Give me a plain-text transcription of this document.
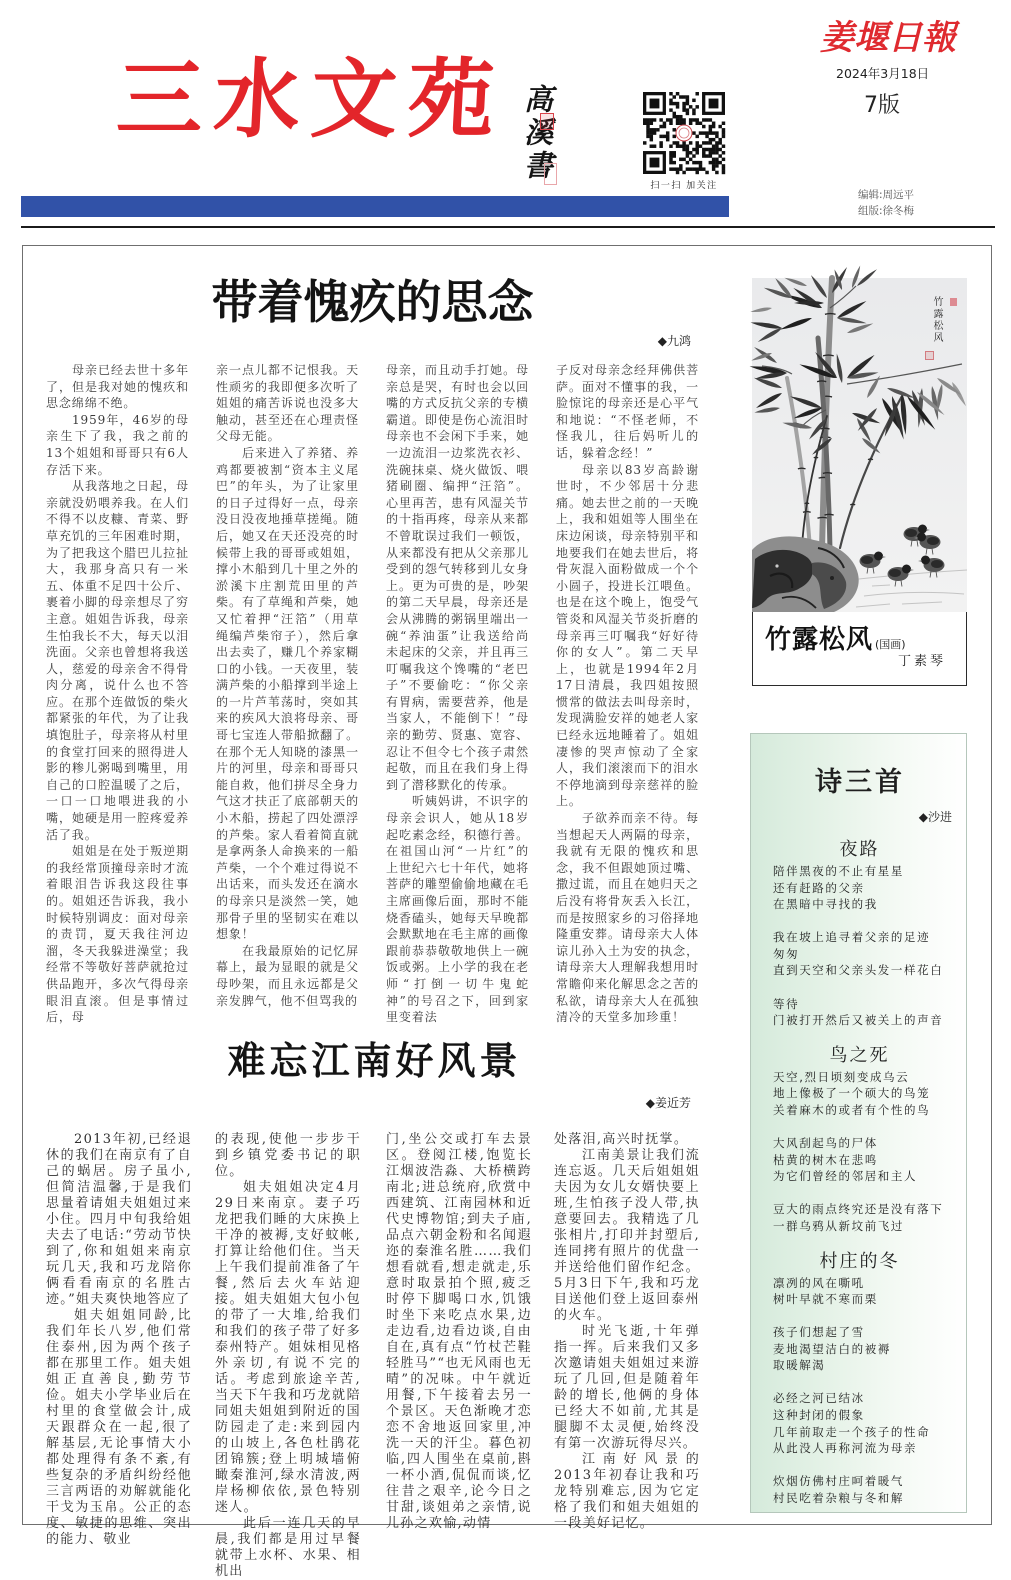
三水文苑 高溪書
扫一扫 加关注
姜堰日報
2024年3月18日
7版
编辑:周远平
组版:徐冬梅
带着愧疚的思念
◆九鸿

母亲已经去世十多年了，但是我对她的愧疚和思念绵绵不绝。

1959年，46岁的母亲生下了我，我之前的13个姐姐和哥哥只有6人存活下来。

从我落地之日起，母亲就没奶喂养我。在人们不得不以皮糠、青菜、野草充饥的三年困难时期，为了把我这个腊巴儿拉扯大，我那身高只有一米五、体重不足四十公斤、裹着小脚的母亲想尽了穷主意。姐姐告诉我，母亲生怕我长不大，每天以泪洗面。父亲也曾想将我送人，慈爱的母亲舍不得骨肉分离，说什么也不答应。在那个连做饭的柴火都紧张的年代，为了让我填饱肚子，母亲将从村里的食堂打回来的照得进人影的糁儿粥喝到嘴里，用自己的口腔温暖了之后，一口一口地喂进我的小嘴，她硬是用一腔疼爱养活了我。

姐姐是在处于叛逆期的我经常顶撞母亲时才流着眼泪告诉我这段往事的。姐姐还告诉我，我小时候特别调皮：面对母亲的责罚，夏天我往河边溜，冬天我躲进澡堂；我经常不等敬好菩萨就抢过供品跑开，多次气得母亲眼泪直滚。但是事情过后，母

亲一点儿都不记恨我。天性顽劣的我即便多次听了姐姐的痛苦诉说也没多大触动，甚至还在心理责怪父母无能。

后来进入了养猪、养鸡都要被割“资本主义尾巴”的年头，为了让家里的日子过得好一点，母亲没日没夜地捶草搓绳。随后，她又在天还没亮的时候带上我的哥哥或姐姐，撑小木船到几十里之外的淤溪卞庄割荒田里的芦柴。有了草绳和芦柴，她又忙着押“汪箔”（用草绳编芦柴帘子），然后拿出去卖了，赚几个养家糊口的小钱。一天夜里，装满芦柴的小船撑到半途上的一片芦苇荡时，突如其来的疾风大浪将母亲、哥哥七宝连人带船掀翻了。在那个无人知晓的漆黑一片的河里，母亲和哥哥只能自救，他们拼尽全身力气这才扶正了底部朝天的小木船，捞起了四处漂浮的芦柴。家人看着简直就是拿两条人命换来的一船芦柴，一个个难过得说不出话来，而头发还在滴水的母亲只是淡然一笑，她那骨子里的坚韧实在难以想象！

在我最原始的记忆屏幕上，最为显眼的就是父母吵架，而且永远都是父亲发脾气，他不但骂我的

母亲，而且动手打她。母亲总是哭，有时也会以回嘴的方式反抗父亲的专横霸道。即使是伤心流泪时母亲也不会闲下手来，她一边流泪一边浆洗衣衫、洗碗抹桌、烧火做饭、喂猪刷圈、编押“汪箔”。心里再苦，患有风湿关节的十指再疼，母亲从来都不曾耽误过我们一顿饭，从来都没有把从父亲那儿受到的怨气转移到儿女身上。更为可贵的是，吵架的第二天早晨，母亲还是会从沸腾的粥锅里端出一碗“养油蛋”让我送给尚未起床的父亲，并且再三叮嘱我这个馋嘴的“老巴子”不要偷吃：“你父亲有胃病，需要营养，他是当家人，不能倒下！”母亲的勤劳、贤惠、宽容、忍让不但令七个孩子肃然起敬，而且在我们身上得到了潜移默化的传承。

听姨妈讲，不识字的母亲会识人，她从18岁起吃素念经，积德行善。在祖国山河“一片红”的上世纪六七十年代，她将菩萨的雕塑偷偷地藏在毛主席画像后面，那时不能烧香磕头，她每天早晚都会默默地在毛主席的画像跟前恭恭敬敬地供上一碗饭或粥。上小学的我在老师“打倒一切牛鬼蛇神”的号召之下，回到家里变着法

子反对母亲念经拜佛供菩萨。面对不懂事的我，一脸惊诧的母亲还是心平气和地说：“不怪老师，不怪我儿，往后妈听儿的话，躲着念经！”

母亲以83岁高龄谢世时，不少邻居十分悲痛。她去世之前的一天晚上，我和姐姐等人围坐在床边闲谈，母亲特别平和地要我们在她去世后，将骨灰混入面粉做成一个个小圆子，投进长江喂鱼。也是在这个晚上，饱受气管炎和风湿关节炎折磨的母亲再三叮嘱我“好好待你的女人”。第二天早上，也就是1994年2月17日清晨，我四姐按照惯常的做法去叫母亲时，发现满脸安祥的她老人家已经永远地睡着了。姐姐凄惨的哭声惊动了全家人，我们滚滚而下的泪水不停地滴到母亲慈祥的脸上。

子欲养而亲不待。每当想起天人两隔的母亲，我就有无限的愧疚和思念，我不但跟她顶过嘴、撒过谎，而且在她归天之后没有将骨灰丢入长江，而是按照家乡的习俗择地隆重安葬。请母亲大人体谅儿孙入土为安的执念，请母亲大人理解我想用时常瞻仰来化解思念之苦的私欲，请母亲大人在孤独清冷的天堂多加珍重！

竹露松风
竹露松风 (国画)
丁素琴
诗三首
◆沙进
夜路
陪伴黑夜的不止有星星
还有赶路的父亲
在黑暗中寻找的我
我在坡上追寻着父亲的足迹
匆匆
直到天空和父亲头发一样花白
等待
门被打开然后又被关上的声音
鸟之死
天空,烈日顷刻变成乌云
地上像极了一个硕大的鸟笼
关着麻木的或者有个性的鸟
大风刮起鸟的尸体
枯黄的树木在悲鸣
为它们曾经的邻居和主人
豆大的雨点终究还是没有落下
一群乌鸦从新坟前飞过
村庄的冬
凛冽的风在嘶吼
树叶早就不寒而栗
孩子们想起了雪
麦地渴望洁白的被褥
取暖解渴
必经之河已结冰
这种封闭的假象
几年前取走一个孩子的性命
从此没人再称河流为母亲
炊烟仿佛村庄呵着暖气
村民吃着杂粮与冬和解
难忘江南好风景
◆姜近芳

2013年初,已经退休的我们在南京有了自己的蜗居。房子虽小,但简洁温馨,于是我们思量着请姐夫姐姐过来小住。四月中旬我给姐夫去了电话:“劳动节快到了,你和姐姐来南京玩几天,我和巧龙陪你俩看看南京的名胜古迹。”姐夫爽快地答应了

姐夫姐姐同龄,比我们年长八岁,他们常住泰州,因为两个孩子都在那里工作。姐夫姐姐正直善良,勤劳节俭。姐夫小学毕业后在村里的食堂做会计,成天跟群众在一起,很了解基层,无论事情大小都处理得有条不紊,有些复杂的矛盾纠纷经他三言两语的劝解就能化干戈为玉帛。公正的态度、敏捷的思维、突出的能力、敬业

的表现,使他一步步干到乡镇党委书记的职位。

姐夫姐姐决定4月29日来南京。妻子巧龙把我们睡的大床换上干净的被褥,支好蚊帐,打算让给他们住。当天上午我们提前准备了午餐,然后去火车站迎接。姐夫姐姐大包小包的带了一大堆,给我们和我们的孩子带了好多泰州特产。姐妹相见格外亲切,有说不完的话。考虑到旅途辛苦,当天下午我和巧龙就陪同姐夫姐姐到附近的国防园走了走:来到园内的山坡上,各色杜鹃花团锦簇;登上明城墙俯瞰秦淮河,绿水清波,两岸杨柳依依,景色特别迷人。

此后一连几天的早晨,我们都是用过早餐就带上水杯、水果、相机出

门,坐公交或打车去景区。登阅江楼,饱览长江烟波浩淼、大桥横跨南北;进总统府,欣赏中西建筑、江南园林和近代史博物馆;到夫子庙,品点六朝金粉和名闻遐迩的秦淮名胜……我们想看就看,想走就走,乐意时取景拍个照,疲乏时停下脚喝口水,饥饿时坐下来吃点水果,边走边看,边看边谈,自由自在,真有点“竹杖芒鞋轻胜马”“也无风雨也无晴”的况味。中午就近用餐,下午接着去另一个景区。天色渐晚才恋恋不舍地返回家里,冲洗一天的汗尘。暮色初临,四人围坐在桌前,斟一杯小酒,侃侃而谈,忆往昔之艰辛,论今日之甘甜,谈姐弟之亲情,说儿孙之欢愉,动情

处落泪,高兴时抚掌。

江南美景让我们流连忘返。几天后姐姐姐夫因为女儿女婿快要上班,生怕孩子没人带,执意要回去。我精选了几张相片,打印并封塑后,连同拷有照片的优盘一并送给他们留作纪念。5月3日下午,我和巧龙目送他们登上返回泰州的火车。

时光飞逝,十年弹指一挥。后来我们又多次邀请姐夫姐姐过来游玩了几回,但是随着年龄的增长,他俩的身体已经大不如前,尤其是腿脚不太灵便,始终没有第一次游玩得尽兴。

江南好风景的2013年初春让我和巧龙特别难忘,因为它定格了我们和姐夫姐姐的一段美好记忆。
